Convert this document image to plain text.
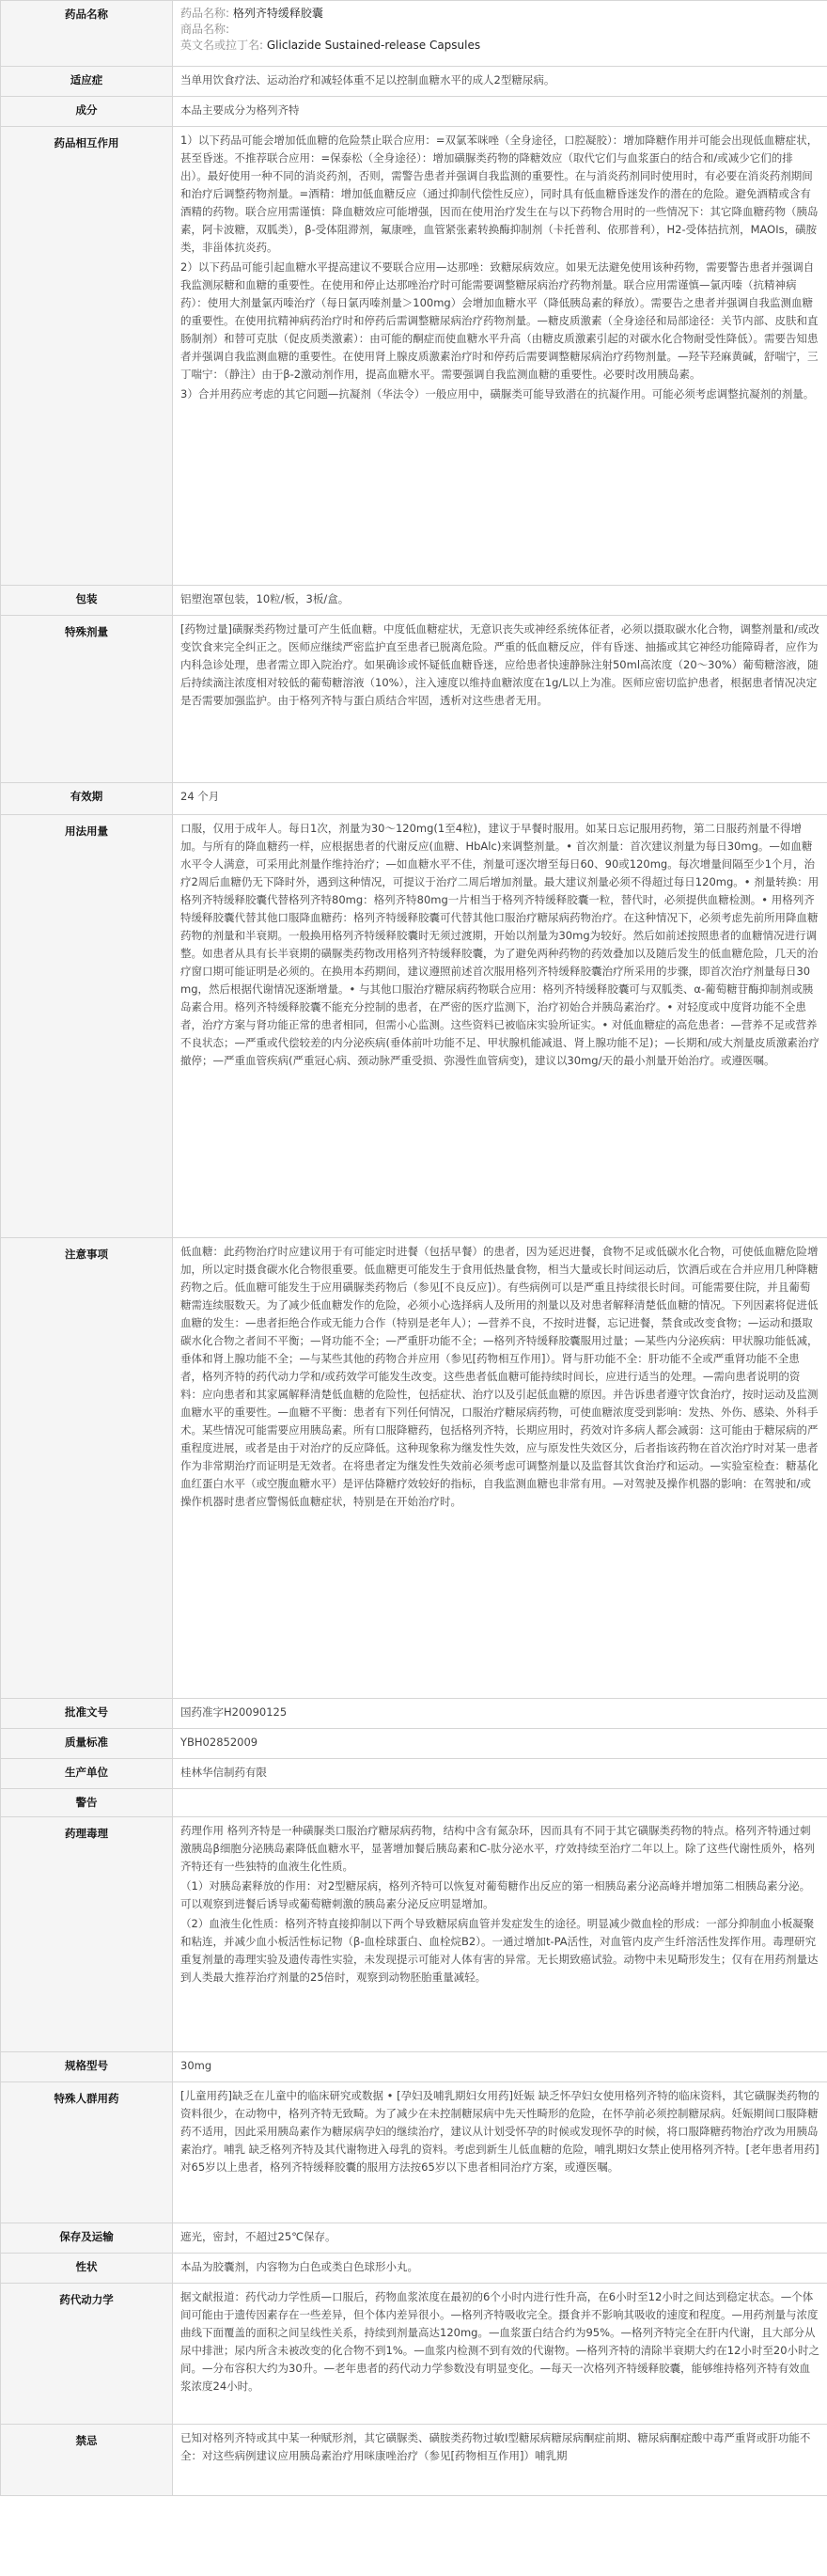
药品名称	药品名称: 格列齐特缓释胶囊
商品名称:
英文名或拉丁名: Gliclazide Sustained-release Capsules

适应症	当单用饮食疗法、运动治疗和减轻体重不足以控制血糖水平的成人2型糖尿病。
成分	本品主要成分为格列齐特
药品相互作用	1）以下药品可能会增加低血糖的危险禁止联合应用：=双氯苯咪唑（全身途径，口腔凝胶）：增加降糖作用并可能会出现低血糖症状，甚至昏迷。不推荐联合应用：=保泰松（全身途径）：增加磺脲类药物的降糖效应（取代它们与血浆蛋白的结合和/或减少它们的排出）。最好使用一种不同的消炎药剂，否则，需警告患者并强调自我监测的重要性。在与消炎药剂同时使用时，有必要在消炎药剂期间和治疗后调整药物剂量。=酒精：增加低血糖反应（通过抑制代偿性反应），同时具有低血糖昏迷发作的潜在的危险。避免酒精或含有酒精的药物。联合应用需谨慎：降血糖效应可能增强，因而在使用治疗发生在与以下药物合用时的一些情况下：其它降血糖药物（胰岛素，阿卡波糖，双胍类），β-受体阻滞剂，氟康唑，血管紧张素转换酶抑制剂（卡托普利、依那普利），H2-受体拮抗剂，MAOIs，磺胺类，非甾体抗炎药。
2）以下药品可能引起血糖水平提高建议不要联合应用—达那唑：致糖尿病效应。如果无法避免使用该种药物，需要警告患者并强调自我监测尿糖和血糖的重要性。在使用和停止达那唑治疗时可能需要调整糖尿病治疗药物剂量。联合应用需谨慎—氯丙嗪（抗精神病药）：使用大剂量氯丙嗪治疗（每日氯丙嗪剂量＞100mg）会增加血糖水平（降低胰岛素的释放）。需要告之患者并强调自我监测血糖的重要性。在使用抗精神病药治疗时和停药后需调整糖尿病治疗药物剂量。—糖皮质激素（全身途径和局部途径：关节内部、皮肤和直肠制剂）和替可克肽（促皮质类激素）：由可能的酮症而使血糖水平升高（由糖皮质激素引起的对碳水化合物耐受性降低）。需要告知患者并强调自我监测血糖的重要性。在使用肾上腺皮质激素治疗时和停药后需要调整糖尿病治疗药物剂量。—羟苄羟麻黄碱，舒喘宁，三丁喘宁：（静注）由于β-2激动剂作用，提高血糖水平。需要强调自我监测血糖的重要性。必要时改用胰岛素。
3）合并用药应考虑的其它问题—抗凝剂（华法令）一般应用中，磺脲类可能导致潜在的抗凝作用。可能必须考虑调整抗凝剂的剂量。

包装	铝塑泡罩包装，10粒/板，3板/盒。
特殊剂量	[药物过量]磺脲类药物过量可产生低血糖。中度低血糖症状，无意识丧失或神经系统体征者，必须以摄取碳水化合物，调整剂量和/或改变饮食来完全纠正之。医师应继续严密监护直至患者已脱离危险。严重的低血糖反应，伴有昏迷、抽搐或其它神经功能障碍者，应作为内科急诊处理，患者需立即入院治疗。如果确诊或怀疑低血糖昏迷，应给患者快速静脉注射50ml高浓度（20～30%）葡萄糖溶液，随后持续滴注浓度相对较低的葡萄糖溶液（10%），注入速度以维持血糖浓度在1g/L以上为准。医师应密切监护患者，根据患者情况决定是否需要加强监护。由于格列齐特与蛋白质结合牢固，透析对这些患者无用。
有效期	24 个月
用法用量	口服，仅用于成年人。每日1次，剂量为30～120mg(1至4粒)，建议于早餐时服用。如某日忘记服用药物，第二日服药剂量不得增加。与所有的降血糖药一样，应根据患者的代谢反应(血糖、HbAlc)来调整剂量。• 首次剂量：首次建议剂量为每日30mg。—如血糖水平令人满意，可采用此剂量作维持治疗；—如血糖水平不佳，剂量可逐次增至每日60、90或120mg。每次增量间隔至少1个月，治疗2周后血糖仍无下降时外，遇到这种情况，可提议于治疗二周后增加剂量。最大建议剂量必须不得超过每日120mg。• 剂量转换：用格列齐特缓释胶囊代替格列齐特80mg：格列齐特80mg一片相当于格列齐特缓释胶囊一粒，替代时，必须提供血糖检测。• 用格列齐特缓释胶囊代替其他口服降血糖药：格列齐特缓释胶囊可代替其他口服治疗糖尿病药物治疗。在这种情况下，必须考虑先前所用降血糖药物的剂量和半衰期。一般换用格列齐特缓释胶囊时无须过渡期，开始以剂量为30mg为较好。然后如前述按照患者的血糖情况进行调整。如患者从具有长半衰期的磺脲类药物改用格列齐特缓释胶囊，为了避免两种药物的药效叠加以及随后发生的低血糖危险，几天的治疗窗口期可能证明是必须的。在换用本药期间，建议遵照前述首次服用格列齐特缓释胶囊治疗所采用的步骤，即首次治疗剂量每日30mg，然后根据代谢情况逐渐增量。• 与其他口服治疗糖尿病药物联合应用：格列齐特缓释胶囊可与双胍类、α-葡萄糖苷酶抑制剂或胰岛素合用。格列齐特缓释胶囊不能充分控制的患者，在严密的医疗监测下，治疗初始合并胰岛素治疗。• 对轻度或中度肾功能不全患者，治疗方案与肾功能正常的患者相同，但需小心监测。这些资料已被临床实验所证实。• 对低血糖症的高危患者：—营养不足或营养不良状态；—严重或代偿较差的内分泌疾病(垂体前叶功能不足、甲状腺机能减退、肾上腺功能不足)；—长期和/或大剂量皮质激素治疗撤停；—严重血管疾病(严重冠心病、颈动脉严重受损、弥漫性血管病变)，建议以30mg/天的最小剂量开始治疗。或遵医嘱。
注意事项	低血糖：此药物治疗时应建议用于有可能定时进餐（包括早餐）的患者，因为延迟进餐，食物不足或低碳水化合物，可使低血糖危险增加，所以定时摄食碳水化合物很重要。低血糖更可能发生于食用低热量食物，相当大量或长时间运动后，饮酒后或在合并应用几种降糖药物之后。低血糖可能发生于应用磺脲类药物后（参见[不良反应]）。有些病例可以是严重且持续很长时间。可能需要住院，并且葡萄糖需连续服数天。为了减少低血糖发作的危险，必须小心选择病人及所用的剂量以及对患者解释清楚低血糖的情况。下列因素将促进低血糖的发生：—患者拒绝合作或无能力合作（特别是老年人）；—营养不良，不按时进餐，忘记进餐，禁食或改变食物；—运动和摄取碳水化合物之者间不平衡；—肾功能不全；—严重肝功能不全；—格列齐特缓释胶囊服用过量；—某些内分泌疾病：甲状腺功能低减，垂体和肾上腺功能不全；—与某些其他的药物合并应用（参见[药物相互作用]）。肾与肝功能不全：肝功能不全或严重肾功能不全患者，格列齐特的药代动力学和/或药效学可能发生改变。这些患者低血糖可能持续时间长，应进行适当的处理。—需向患者说明的资料：应向患者和其家属解释清楚低血糖的危险性，包括症状、治疗以及引起低血糖的原因。并告诉患者遵守饮食治疗，按时运动及监测血糖水平的重要性。—血糖不平衡：患者有下列任何情况，口服治疗糖尿病药物，可使血糖浓度受到影响：发热、外伤、感染、外科手术。某些情况可能需要应用胰岛素。所有口服降糖药，包括格列齐特，长期应用时，药效对许多病人都会减弱：这可能由于糖尿病的严重程度进展，或者是由于对治疗的反应降低。这种现象称为继发性失效，应与原发性失效区分，后者指该药物在首次治疗时对某一患者作为非常期治疗而证明是无效者。在将患者定为继发性失效前必须考虑可调整剂量以及监督其饮食治疗和运动。—实验室检查：糖基化血红蛋白水平（或空腹血糖水平）是评估降糖疗效较好的指标，自我监测血糖也非常有用。—对驾驶及操作机器的影响：在驾驶和/或操作机器时患者应警惕低血糖症状，特别是在开始治疗时。
批准文号	国药准字H20090125
质量标准	YBH02852009
生产单位	桂林华信制药有限
警告	
药理毒理	药理作用 格列齐特是一种磺脲类口服治疗糖尿病药物，结构中含有氮杂环，因而具有不同于其它磺脲类药物的特点。格列齐特通过刺激胰岛β细胞分泌胰岛素降低血糖水平，显著增加餐后胰岛素和C-肽分泌水平，疗效持续至治疗二年以上。除了这些代谢性质外，格列齐特还有一些独特的血液生化性质。
（1）对胰岛素释放的作用：对2型糖尿病，格列齐特可以恢复对葡萄糖作出反应的第一相胰岛素分泌高峰并增加第二相胰岛素分泌。可以观察到进餐后诱导或葡萄糖刺激的胰岛素分泌反应明显增加。
（2）血液生化性质：格列齐特直接抑制以下两个导致糖尿病血管并发症发生的途径。明显减少微血栓的形成：一部分抑制血小板凝聚和粘连，并减少血小板活性标记物（β-血栓球蛋白、血栓烷B2）。一通过增加t-PA活性，对血管内皮产生纤溶活性发挥作用。毒理研究重复剂量的毒理实验及遗传毒性实验，未发现提示可能对人体有害的异常。无长期致癌试验。动物中未见畸形发生；仅有在用药剂量达到人类最大推荐治疗剂量的25倍时，观察到动物胚胎重量减轻。

规格型号	30mg
特殊人群用药	[儿童用药]缺乏在儿童中的临床研究或数据 • [孕妇及哺乳期妇女用药]妊娠 缺乏怀孕妇女使用格列齐特的临床资料，其它磺脲类药物的资料很少，在动物中，格列齐特无致畸。为了减少在未控制糖尿病中先天性畸形的危险，在怀孕前必须控制糖尿病。妊娠期间口服降糖药不适用，因此采用胰岛素作为糖尿病孕妇的继续治疗，建议从计划受怀孕的时候或发现怀孕的时候，将口服降糖药物治疗改为用胰岛素治疗。哺乳 缺乏格列齐特及其代谢物进入母乳的资料。考虑到新生儿低血糖的危险，哺乳期妇女禁止使用格列齐特。[老年患者用药]对65岁以上患者，格列齐特缓释胶囊的服用方法按65岁以下患者相同治疗方案，或遵医嘱。
保存及运输	遮光，密封，不超过25℃保存。
性状	本品为胶囊剂，内容物为白色或类白色球形小丸。
药代动力学	据文献报道：药代动力学性质—口服后，药物血浆浓度在最初的6个小时内进行性升高，在6小时至12小时之间达到稳定状态。—个体间可能由于遗传因素存在一些差异，但个体内差异很小。—格列齐特吸收完全。摄食并不影响其吸收的速度和程度。—用药剂量与浓度曲线下面覆盖的面积之间呈线性关系，持续到剂量高达120mg。—血浆蛋白结合约为95%。—格列齐特完全在肝内代谢，且大部分从尿中排泄；尿内所含未被改变的化合物不到1%。—血浆内检测不到有效的代谢物。—格列齐特的清除半衰期大约在12小时至20小时之间。—分布容积大约为30升。—老年患者的药代动力学参数没有明显变化。—每天一次格列齐特缓释胶囊，能够维持格列齐特有效血浆浓度24小时。
禁忌	已知对格列齐特或其中某一种赋形剂，其它磺脲类、磺胺类药物过敏I型糖尿病糖尿病酮症前期、糖尿病酮症酸中毒严重肾或肝功能不全：对这些病例建议应用胰岛素治疗用咪康唑治疗（参见[药物相互作用]）哺乳期
